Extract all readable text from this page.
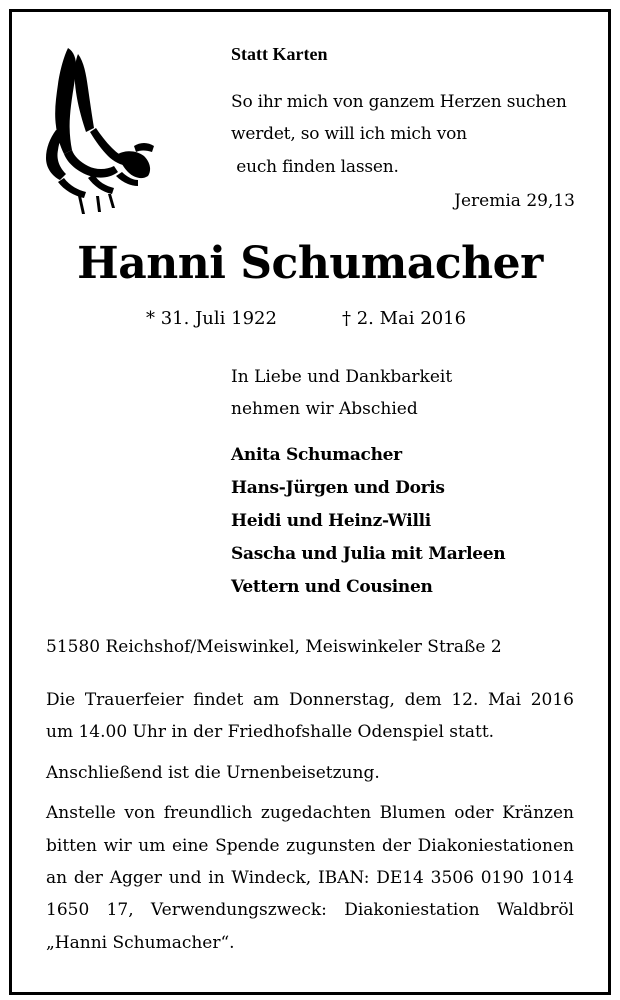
Statt Karten
So ihr mich von ganzem Herzen suchen
werdet, so will ich mich von
euch finden lassen.
Jeremia 29,13
Hanni Schumacher
* 31. Juli 1922	† 2. Mai 2016
In Liebe und Dankbarkeit
nehmen wir Abschied
Anita Schumacher
Hans-Jürgen und Doris
Heidi und Heinz-Willi
Sascha und Julia mit Marleen
Vettern und Cousinen
51580 Reichshof/Meiswinkel, Meiswinkeler Straße 2
Die Trauerfeier findet am Donnerstag, dem 12. Mai 2016
um 14.00 Uhr in der Friedhofshalle Odenspiel statt.
Anschließend ist die Urnenbeisetzung.
Anstelle von freundlich zugedachten Blumen oder Kränzen
bitten wir um eine Spende zugunsten der Diakoniestationen
an der Agger und in Windeck, IBAN: DE14 3506 0190 1014
1650 17, Verwendungszweck: Diakoniestation Waldbröl
„Hanni Schumacher“.
